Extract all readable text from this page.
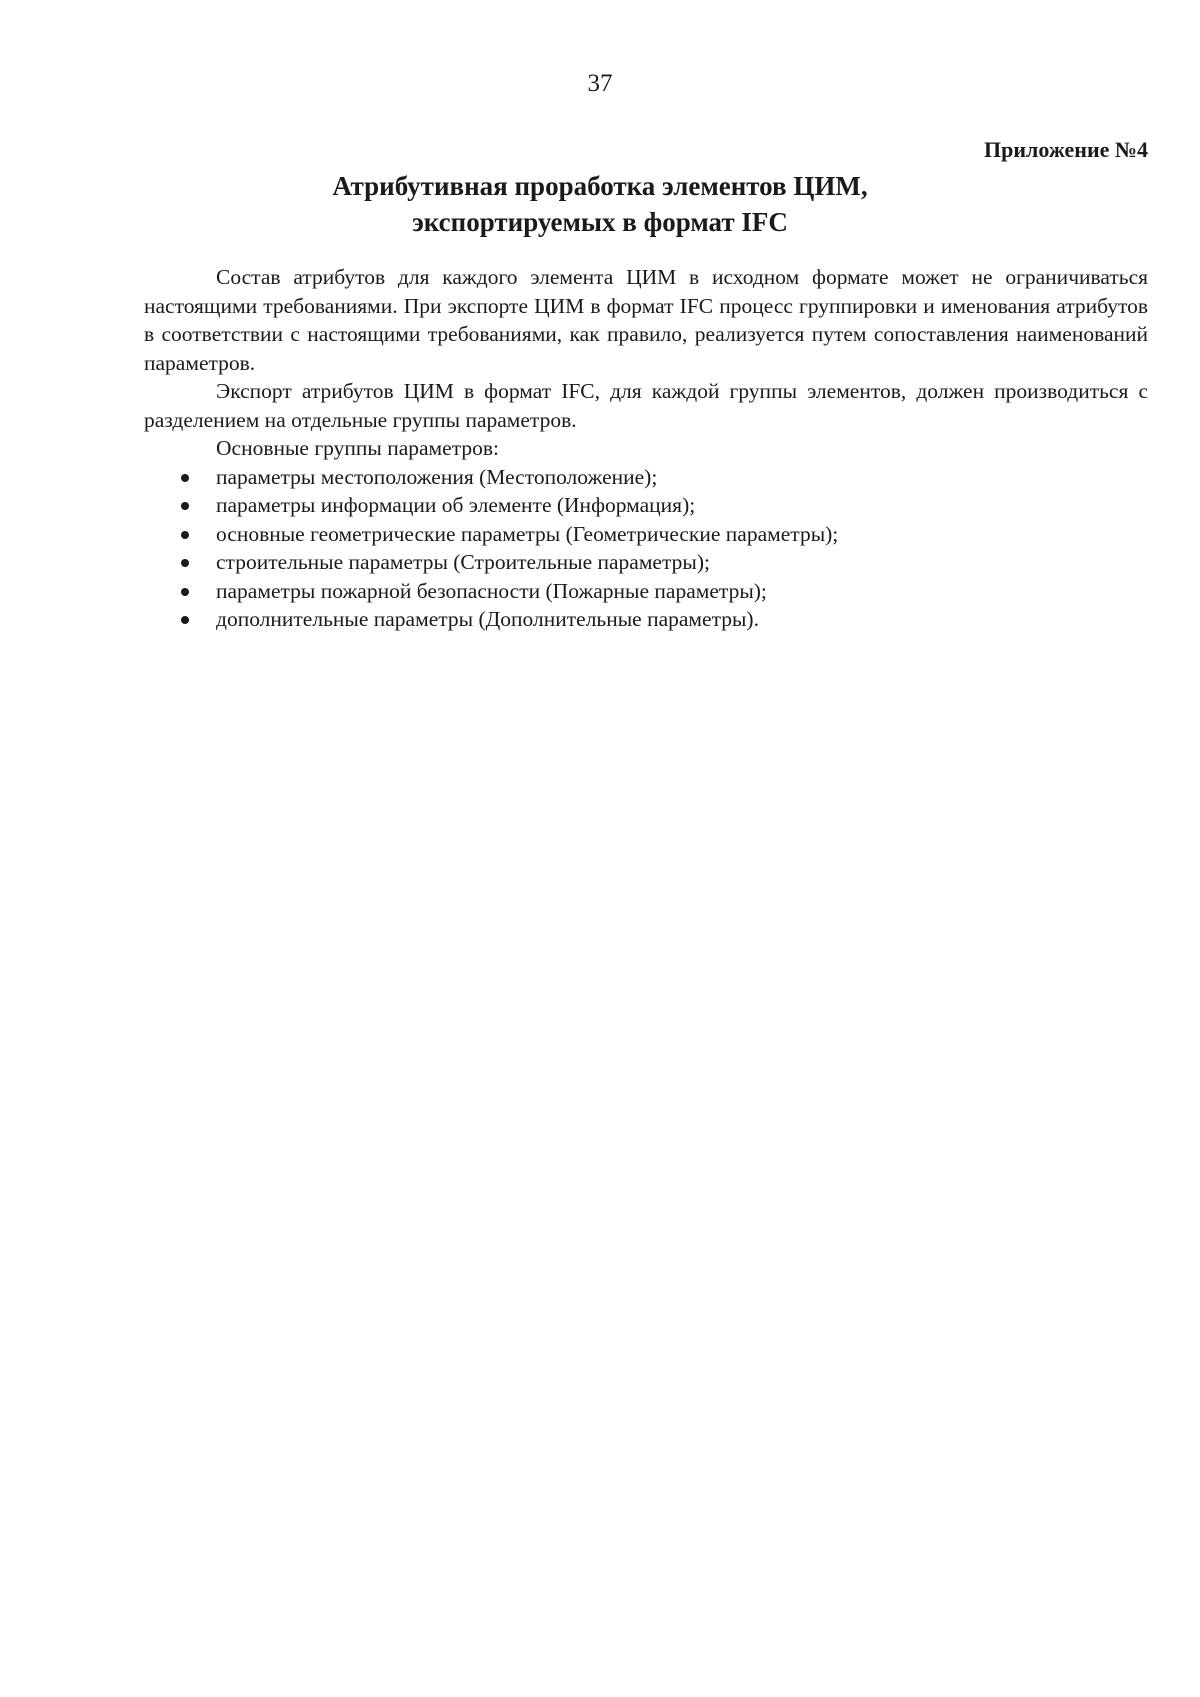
37
Приложение №4
Атрибутивная проработка элементов ЦИМ,
экспортируемых в формат IFC

Состав атрибутов для каждого элемента ЦИМ в исходном формате может не ограничиваться настоящими требованиями. При экспорте ЦИМ в формат IFC процесс группировки и именования атрибутов в соответствии с настоящими требованиями, как правило, реализуется путем сопоставления наименований параметров.

Экспорт атрибутов ЦИМ в формат IFC, для каждой группы элементов, должен производиться с разделением на отдельные группы параметров.

Основные группы параметров:

параметры местоположения (Местоположение);
параметры информации об элементе (Информация);
основные геометрические параметры (Геометрические параметры);
строительные параметры (Строительные параметры);
параметры пожарной безопасности (Пожарные параметры);
дополнительные параметры (Дополнительные параметры).
